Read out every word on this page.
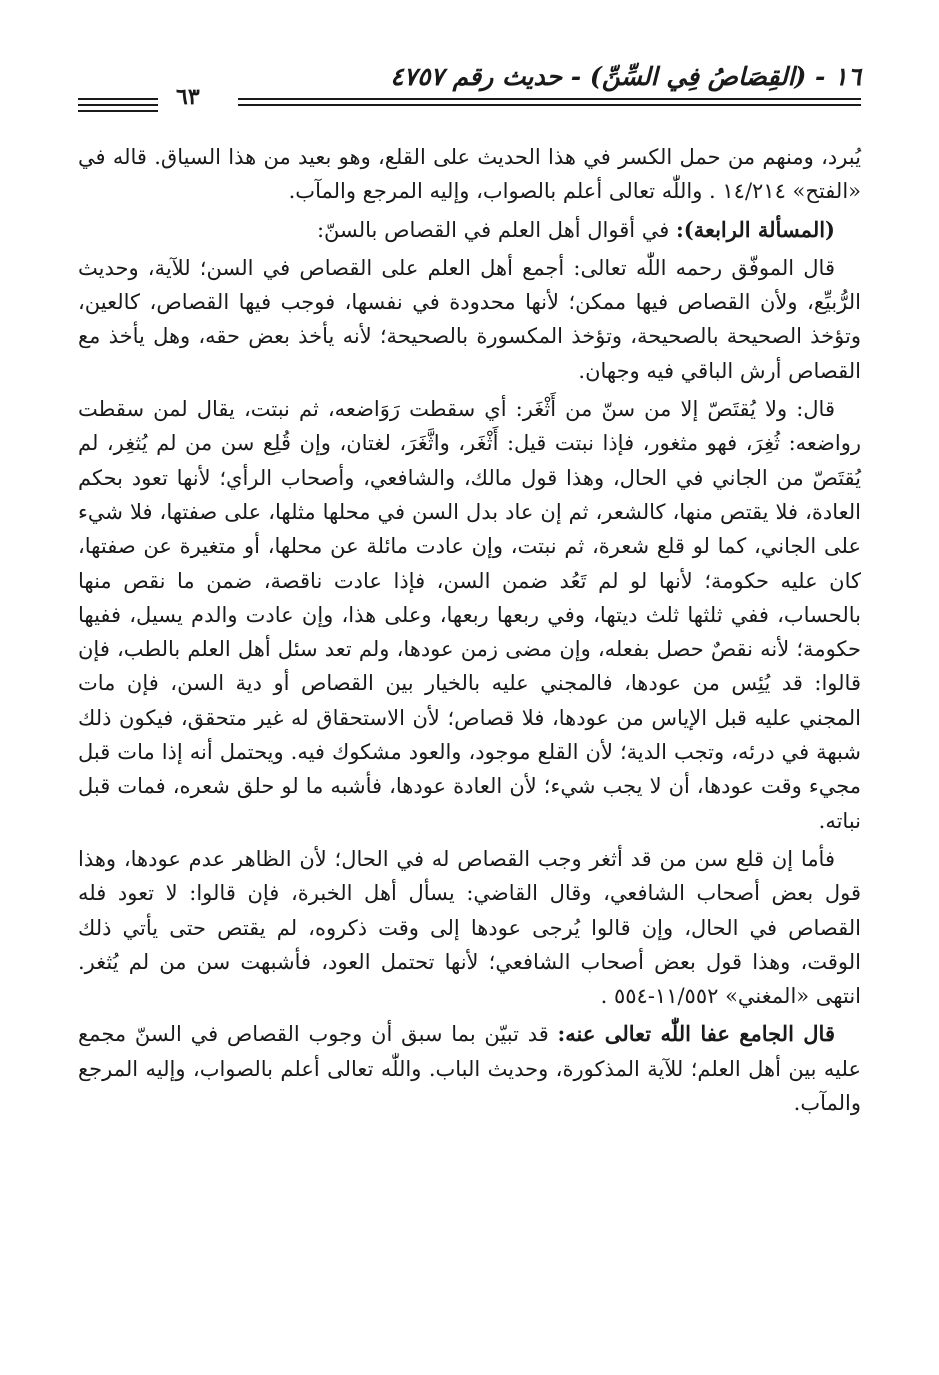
١٦ - (القِصَاصُ فِي السِّنِّ) - حديث رقم ٤٧٥٧
٦٣

يُبرد، ومنهم من حمل الكسر في هذا الحديث على القلع، وهو بعيد من هذا السياق. قاله في «الفتح» ١٤/٢١٤ . واللّٰه تعالى أعلم بالصواب، وإليه المرجع والمآب.

(المسألة الرابعة): في أقوال أهل العلم في القصاص بالسنّ:

قال الموفّق رحمه اللّٰه تعالى: أجمع أهل العلم على القصاص في السن؛ للآية، وحديث الرُّبيِّع، ولأن القصاص فيها ممكن؛ لأنها محدودة في نفسها، فوجب فيها القصاص، كالعين، وتؤخذ الصحيحة بالصحيحة، وتؤخذ المكسورة بالصحيحة؛ لأنه يأخذ بعض حقه، وهل يأخذ مع القصاص أرش الباقي فيه وجهان.

قال: ولا يُقتَصّ إلا من سنّ من أَثْغَر: أي سقطت رَوَاضعه، ثم نبتت، يقال لمن سقطت رواضعه: ثُغِرَ، فهو مثغور، فإذا نبتت قيل: أَثْغَر، واثَّغَرَ، لغتان، وإن قُلِع سن من لم يُثغِر، لم يُقتَصّ من الجاني في الحال، وهذا قول مالك، والشافعي، وأصحاب الرأي؛ لأنها تعود بحكم العادة، فلا يقتص منها، كالشعر، ثم إن عاد بدل السن في محلها مثلها، على صفتها، فلا شيء على الجاني، كما لو قلع شعرة، ثم نبتت، وإن عادت مائلة عن محلها، أو متغيرة عن صفتها، كان عليه حكومة؛ لأنها لو لم تَعُد ضمن السن، فإذا عادت ناقصة، ضمن ما نقص منها بالحساب، ففي ثلثها ثلث ديتها، وفي ربعها ربعها، وعلى هذا، وإن عادت والدم يسيل، ففيها حكومة؛ لأنه نقصٌ حصل بفعله، وإن مضى زمن عودها، ولم تعد سئل أهل العلم بالطب، فإن قالوا: قد يُئِس من عودها، فالمجني عليه بالخيار بين القصاص أو دية السن، فإن مات المجني عليه قبل الإياس من عودها، فلا قصاص؛ لأن الاستحقاق له غير متحقق، فيكون ذلك شبهة في درئه، وتجب الدية؛ لأن القلع موجود، والعود مشكوك فيه. ويحتمل أنه إذا مات قبل مجيء وقت عودها، أن لا يجب شيء؛ لأن العادة عودها، فأشبه ما لو حلق شعره، فمات قبل نباته.

فأما إن قلع سن من قد أثغر وجب القصاص له في الحال؛ لأن الظاهر عدم عودها، وهذا قول بعض أصحاب الشافعي، وقال القاضي: يسأل أهل الخبرة، فإن قالوا: لا تعود فله القصاص في الحال، وإن قالوا يُرجى عودها إلى وقت ذكروه، لم يقتص حتى يأتي ذلك الوقت، وهذا قول بعض أصحاب الشافعي؛ لأنها تحتمل العود، فأشبهت سن من لم يُثغر. انتهى «المغني» ١١/٥٥٢-٥٥٤ .

قال الجامع عفا اللّٰه تعالى عنه: قد تبيّن بما سبق أن وجوب القصاص في السنّ مجمع عليه بين أهل العلم؛ للآية المذكورة، وحديث الباب. واللّٰه تعالى أعلم بالصواب، وإليه المرجع والمآب.
